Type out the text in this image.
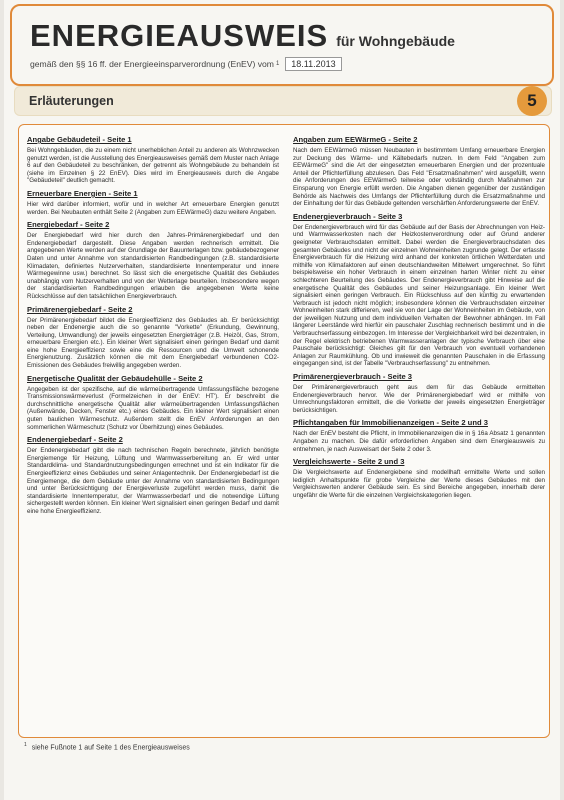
ENERGIEAUSWEIS für Wohngebäude
gemäß den §§ 16 ff. der Energieeinsparverordnung (EnEV) vom 1	18.11.2013
Erläuterungen	5
Angabe Gebäudeteil - Seite 1

Bei Wohngebäuden, die zu einem nicht unerheblichen Anteil zu anderen als Wohnzwecken genutzt werden, ist die Ausstellung des Energieausweises gemäß dem Muster nach Anlage 6 auf den Gebäudeteil zu beschränken, der getrennt als Wohngebäude zu behandeln ist (siehe im Einzelnen § 22 EnEV). Dies wird im Energieausweis durch die Angabe "Gebäudeteil" deutlich gemacht.

Erneuerbare Energien - Seite 1

Hier wird darüber informiert, wofür und in welcher Art erneuerbare Energien genutzt werden. Bei Neubauten enthält Seite 2 (Angaben zum EEWärmeG) dazu weitere Angaben.

Energiebedarf - Seite 2

Der Energiebedarf wird hier durch den Jahres-Primärenergiebedarf und den Endenergiebedarf dargestellt. Diese Angaben werden rechnerisch ermittelt. Die angegebenen Werte werden auf der Grundlage der Bauunterlagen bzw. gebäudebezogener Daten und unter Annahme von standardisierten Randbedingungen (z.B. standardisierte Klimadaten, definiertes Nutzerverhalten, standardisierte Innentemperatur und innere Wärmegewinne usw.) berechnet. So lässt sich die energetische Qualität des Gebäudes unabhängig vom Nutzerverhalten und von der Wetterlage beurteilen. Insbesondere wegen der standardisierten Randbedingungen erlauben die angegebenen Werte keine Rückschlüsse auf den tatsächlichen Energieverbrauch.

Primärenergiebedarf - Seite 2

Der Primärenergiebedarf bildet die Energieeffizienz des Gebäudes ab. Er berücksichtigt neben der Endenergie auch die so genannte "Vorkette" (Erkundung, Gewinnung, Verteilung, Umwandlung) der jeweils eingesetzten Energieträger (z.B. Heizöl, Gas, Strom, erneuerbare Energien etc.). Ein kleiner Wert signalisiert einen geringen Bedarf und damit eine hohe Energieeffizienz sowie eine die Ressourcen und die Umwelt schonende Energienutzung. Zusätzlich können die mit dem Energiebedarf verbundenen CO2-Emissionen des Gebäudes freiwillig angegeben werden.

Energetische Qualität der Gebäudehülle - Seite 2

Angegeben ist der spezifische, auf die wärmeübertragende Umfassungsfläche bezogene Transmissionswärmeverlust (Formelzeichen in der EnEV: HT'). Er beschreibt die durchschnittliche energetische Qualität aller wärmeübertragenden Umfassungsflächen (Außenwände, Decken, Fenster etc.) eines Gebäudes. Ein kleiner Wert signalisiert einen guten baulichen Wärmeschutz. Außerdem stellt die EnEV Anforderungen an den sommerlichen Wärmeschutz (Schutz vor Überhitzung) eines Gebäudes.

Endenergiebedarf - Seite 2

Der Endenergiebedarf gibt die nach technischen Regeln berechnete, jährlich benötigte Energiemenge für Heizung, Lüftung und Warmwasserbereitung an. Er wird unter Standardklima- und Standardnutzungsbedingungen errechnet und ist ein Indikator für die Energieeffizienz eines Gebäudes und seiner Anlagentechnik. Der Endenergiebedarf ist die Energiemenge, die dem Gebäude unter der Annahme von standardisierten Bedingungen und unter Berücksichtigung der Energieverluste zugeführt werden muss, damit die standardisierte Innentemperatur, der Warmwasserbedarf und die notwendige Lüftung sichergestellt werden können. Ein kleiner Wert signalisiert einen geringen Bedarf und damit eine hohe Energieeffizienz.

Angaben zum EEWärmeG - Seite 2

Nach dem EEWärmeG müssen Neubauten in bestimmtem Umfang erneuerbare Energien zur Deckung des Wärme- und Kältebedarfs nutzen. In dem Feld "Angaben zum EEWärmeG" sind die Art der eingesetzten erneuerbaren Energien und der prozentuale Anteil der Pflichterfüllung abzulesen. Das Feld "Ersatzmaßnahmen" wird ausgefüllt, wenn die Anforderungen des EEWärmeG teilweise oder vollständig durch Maßnahmen zur Einsparung von Energie erfüllt werden. Die Angaben dienen gegenüber der zuständigen Behörde als Nachweis des Umfangs der Pflichterfüllung durch die Ersatzmaßnahme und der Einhaltung der für das Gebäude geltenden verschärften Anforderungswerte der EnEV.

Endenergieverbrauch - Seite 3

Der Endenergieverbrauch wird für das Gebäude auf der Basis der Abrechnungen von Heiz- und Warmwasserkosten nach der Heizkostenverordnung oder auf Grund anderer geeigneter Verbrauchsdaten ermittelt. Dabei werden die Energieverbrauchsdaten des gesamten Gebäudes und nicht der einzelnen Wohneinheiten zugrunde gelegt. Der erfasste Energieverbrauch für die Heizung wird anhand der konkreten örtlichen Wetterdaten und mithilfe von Klimafaktoren auf einen deutschlandweiten Mittelwert umgerechnet. So führt beispielsweise ein hoher Verbrauch in einem einzelnen harten Winter nicht zu einer schlechteren Beurteilung des Gebäudes. Der Endenergieverbrauch gibt Hinweise auf die energetische Qualität des Gebäudes und seiner Heizungsanlage. Ein kleiner Wert signalisiert einen geringen Verbrauch. Ein Rückschluss auf den künftig zu erwartenden Verbrauch ist jedoch nicht möglich; insbesondere können die Verbrauchsdaten einzelner Wohneinheiten stark differieren, weil sie von der Lage der Wohneinheiten im Gebäude, von der jeweiligen Nutzung und dem individuellen Verhalten der Bewohner abhängen. Im Fall längerer Leerstände wird hierfür ein pauschaler Zuschlag rechnerisch bestimmt und in die Verbrauchserfassung einbezogen. Im Interesse der Vergleichbarkeit wird bei dezentralen, in der Regel elektrisch betriebenen Warmwasseranlagen der typische Verbrauch über eine Pauschale berücksichtigt: Gleiches gilt für den Verbrauch von eventuell vorhandenen Anlagen zur Raumkühlung. Ob und inwieweit die genannten Pauschalen in die Erfassung eingegangen sind, ist der Tabelle "Verbrauchserfassung" zu entnehmen.

Primärenergieverbrauch - Seite 3

Der Primärenergieverbrauch geht aus dem für das Gebäude ermittelten Endenergieverbrauch hervor. Wie der Primärenergiebedarf wird er mithilfe von Umrechnungsfaktoren ermittelt, die die Vorkette der jeweils eingesetzten Energieträger berücksichtigen.

Pflichtangaben für Immobilienanzeigen - Seite 2 und 3

Nach der EnEV besteht die Pflicht, in Immobilienanzeigen die in § 16a Absatz 1 genannten Angaben zu machen. Die dafür erforderlichen Angaben sind dem Energieausweis zu entnehmen, je nach Ausweisart der Seite 2 oder 3.

Vergleichswerte - Seite 2 und 3

Die Vergleichswerte auf Endenergiebene sind modellhaft ermittelte Werte und sollen lediglich Anhaltspunkte für grobe Vergleiche der Werte dieses Gebäudes mit den Vergleichswerten anderer Gebäude sein. Es sind Bereiche angegeben, innerhalb derer ungefähr die Werte für die einzelnen Vergleichskategorien liegen.

$^1$ siehe Fußnote 1 auf Seite 1 des Energieausweises
